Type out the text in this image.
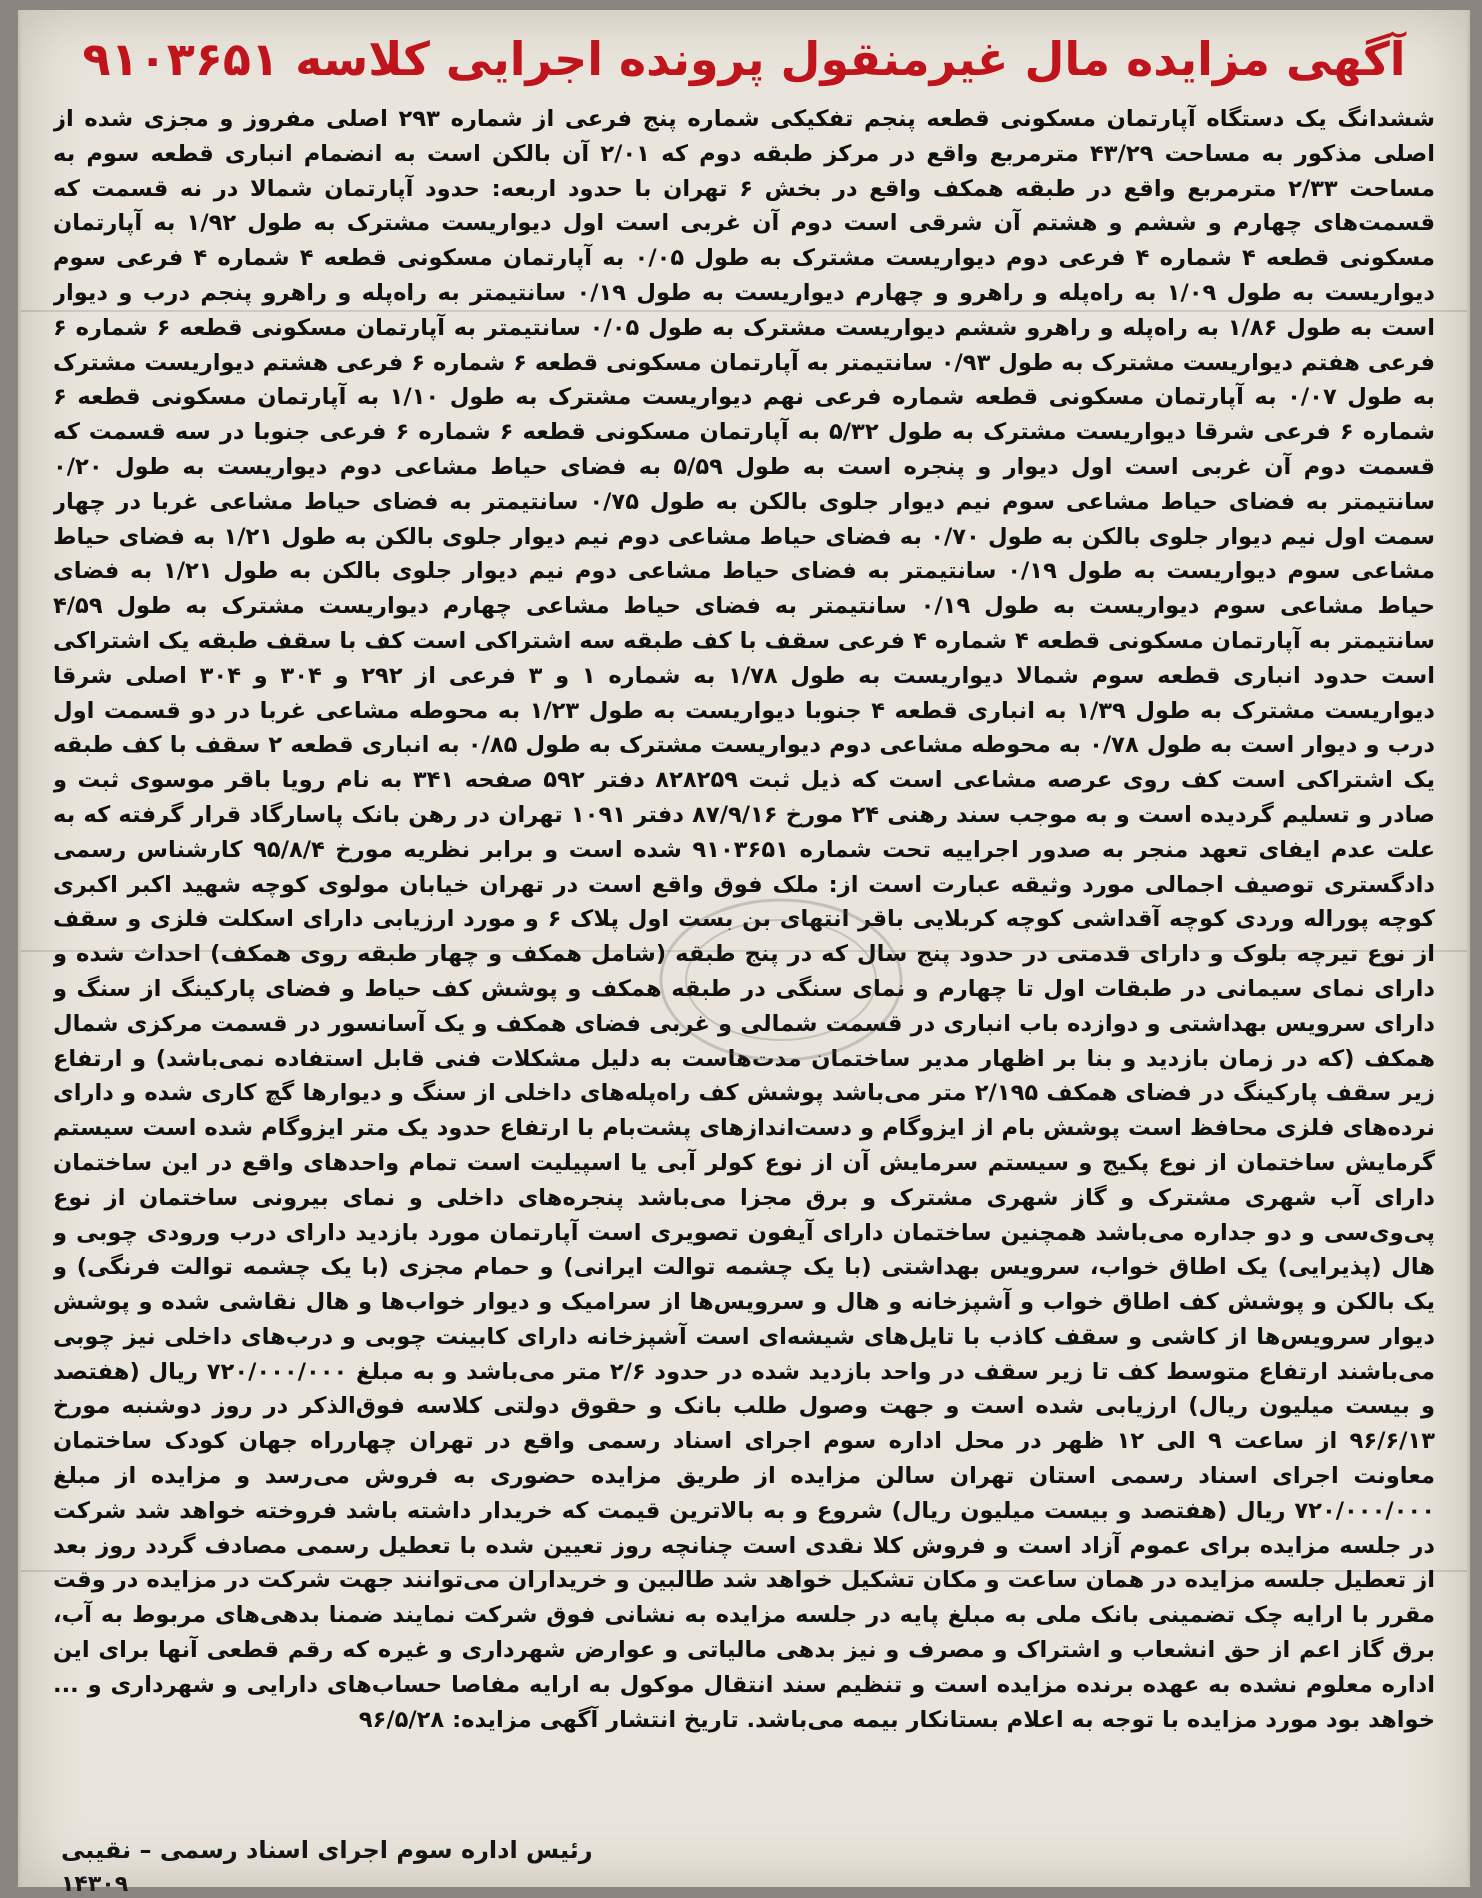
آگهی مزایده مال غیرمنقول پرونده اجرایی کلاسه ۹۱۰۳۶۵۱
ششدانگ یک دستگاه آپارتمان مسکونی قطعه پنجم تفکیکی شماره پنج فرعی از شماره ۲۹۳ اصلی مفروز و مجزی شده از اصلی مذکور به مساحت ۴۳/۲۹ مترمربع واقع در مرکز طبقه دوم که ۲/۰۱ آن بالکن است به انضمام انباری قطعه سوم به مساحت ۲/۳۳ مترمربع واقع در طبقه همکف واقع در بخش ۶ تهران با حدود اربعه: حدود آپارتمان شمالا در نه قسمت که قسمت‌های چهارم و ششم و هشتم آن شرقی است دوم آن غربی است اول دیواریست مشترک به طول ۱/۹۲ به آپارتمان مسکونی قطعه ۴ شماره ۴ فرعی دوم دیواریست مشترک به طول ۰/۰۵ به آپارتمان مسکونی قطعه ۴ شماره ۴ فرعی سوم دیواریست به طول ۱/۰۹ به راه‌پله و راهرو و چهارم دیواریست به طول ۰/۱۹ سانتیمتر به راه‌پله و راهرو پنجم درب و دیوار است به طول ۱/۸۶ به راه‌پله و راهرو ششم دیواریست مشترک به طول ۰/۰۵ سانتیمتر به آپارتمان مسکونی قطعه ۶ شماره ۶ فرعی هفتم دیواریست مشترک به طول ۰/۹۳ سانتیمتر به آپارتمان مسکونی قطعه ۶ شماره ۶ فرعی هشتم دیواریست مشترک به طول ۰/۰۷ به آپارتمان مسکونی قطعه شماره فرعی نهم دیواریست مشترک به طول ۱/۱۰ به آپارتمان مسکونی قطعه ۶ شماره ۶ فرعی شرقا دیواریست مشترک به طول ۵/۳۲ به آپارتمان مسکونی قطعه ۶ شماره ۶ فرعی جنوبا در سه قسمت که قسمت دوم آن غربی است اول دیوار و پنجره است به طول ۵/۵۹ به فضای حیاط مشاعی دوم دیواریست به طول ۰/۲۰ سانتیمتر به فضای حیاط مشاعی سوم نیم دیوار جلوی بالکن به طول ۰/۷۵ سانتیمتر به فضای حیاط مشاعی غربا در چهار سمت اول نیم دیوار جلوی بالکن به طول ۰/۷۰ به فضای حیاط مشاعی دوم نیم دیوار جلوی بالکن به طول ۱/۲۱ به فضای حیاط مشاعی سوم دیواریست به طول ۰/۱۹ سانتیمتر به فضای حیاط مشاعی دوم نیم دیوار جلوی بالکن به طول ۱/۲۱ به فضای حیاط مشاعی سوم دیواریست به طول ۰/۱۹ سانتیمتر به فضای حیاط مشاعی چهارم دیواریست مشترک به طول ۴/۵۹ سانتیمتر به آپارتمان مسکونی قطعه ۴ شماره ۴ فرعی سقف با کف طبقه سه اشتراکی است کف با سقف طبقه یک اشتراکی است حدود انباری قطعه سوم شمالا دیواریست به طول ۱/۷۸ به شماره ۱ و ۳ فرعی از ۲۹۲ و ۳۰۴ و ۳۰۴ اصلی شرقا دیواریست مشترک به طول ۱/۳۹ به انباری قطعه ۴ جنوبا دیواریست به طول ۱/۲۳ به محوطه مشاعی غربا در دو قسمت اول درب و دیوار است به طول ۰/۷۸ به محوطه مشاعی دوم دیواریست مشترک به طول ۰/۸۵ به انباری قطعه ۲ سقف با کف طبقه یک اشتراکی است کف روی عرصه مشاعی است که ذیل ثبت ۸۲۸۲۵۹ دفتر ۵۹۲ صفحه ۳۴۱ به نام رویا باقر موسوی ثبت و صادر و تسلیم گردیده است و به موجب سند رهنی ۲۴ مورخ ۸۷/۹/۱۶ دفتر ۱۰۹۱ تهران در رهن بانک پاسارگاد قرار گرفته که به علت عدم ایفای تعهد منجر به صدور اجراییه تحت شماره ۹۱۰۳۶۵۱ شده است و برابر نظریه مورخ ۹۵/۸/۴ کارشناس رسمی دادگستری توصیف اجمالی مورد وثیقه عبارت است از: ملک فوق واقع است در تهران خیابان مولوی کوچه شهید اکبر اکبری کوچه پوراله وردی کوچه آقداشی کوچه کربلایی باقر انتهای بن بست اول پلاک ۶ و مورد ارزیابی دارای اسکلت فلزی و سقف از نوع تیرچه بلوک و دارای قدمتی در حدود پنج سال که در پنج طبقه (شامل همکف و چهار طبقه روی همکف) احداث شده و دارای نمای سیمانی در طبقات اول تا چهارم و نمای سنگی در طبقه همکف و پوشش کف حیاط و فضای پارکینگ از سنگ و دارای سرویس بهداشتی و دوازده باب انباری در قسمت شمالی و غربی فضای همکف و یک آسانسور در قسمت مرکزی شمال همکف (که در زمان بازدید و بنا بر اظهار مدیر ساختمان مدت‌هاست به دلیل مشکلات فنی قابل استفاده نمی‌باشد) و ارتفاع زیر سقف پارکینگ در فضای همکف ۲/۱۹۵ متر می‌باشد پوشش کف راه‌پله‌های داخلی از سنگ و دیوارها گچ کاری شده و دارای نرده‌های فلزی محافظ است پوشش بام از ایزوگام و دست‌اندازهای پشت‌بام با ارتفاع حدود یک متر ایزوگام شده است سیستم گرمایش ساختمان از نوع پکیج و سیستم سرمایش آن از نوع کولر آبی یا اسپیلیت است تمام واحدهای واقع در این ساختمان دارای آب شهری مشترک و گاز شهری مشترک و برق مجزا می‌باشد پنجره‌های داخلی و نمای بیرونی ساختمان از نوع پی‌وی‌سی و دو جداره می‌باشد همچنین ساختمان دارای آیفون تصویری است آپارتمان مورد بازدید دارای درب ورودی چوبی و هال (پذیرایی) یک اطاق خواب، سرویس بهداشتی (با یک چشمه توالت ایرانی) و حمام مجزی (با یک چشمه توالت فرنگی) و یک بالکن و پوشش کف اطاق خواب و آشپزخانه و هال و سرویس‌ها از سرامیک و دیوار خواب‌ها و هال نقاشی شده و پوشش دیوار سرویس‌ها از کاشی و سقف کاذب با تایل‌های شیشه‌ای است آشپزخانه دارای کابینت چوبی و درب‌های داخلی نیز چوبی می‌باشند ارتفاع متوسط کف تا زیر سقف در واحد بازدید شده در حدود ۲/۶ متر می‌باشد و به مبلغ ۷۲۰/۰۰۰/۰۰۰ ریال (هفتصد و بیست میلیون ریال) ارزیابی شده است و جهت وصول طلب بانک و حقوق دولتی کلاسه فوق‌الذکر در روز دوشنبه مورخ ۹۶/۶/۱۳ از ساعت ۹ الی ۱۲ ظهر در محل اداره سوم اجرای اسناد رسمی واقع در تهران چهارراه جهان کودک ساختمان معاونت اجرای اسناد رسمی استان تهران سالن مزایده از طریق مزایده حضوری به فروش می‌رسد و مزایده از مبلغ ۷۲۰/۰۰۰/۰۰۰ ریال (هفتصد و بیست میلیون ریال) شروع و به بالاترین قیمت که خریدار داشته باشد فروخته خواهد شد شرکت در جلسه مزایده برای عموم آزاد است و فروش کلا نقدی است چنانچه روز تعیین شده با تعطیل رسمی مصادف گردد روز بعد از تعطیل جلسه مزایده در همان ساعت و مکان تشکیل خواهد شد طالبین و خریداران می‌توانند جهت شرکت در مزایده در وقت مقرر با ارایه چک تضمینی بانک ملی به مبلغ پایه در جلسه مزایده به نشانی فوق شرکت نمایند ضمنا بدهی‌های مربوط به آب، برق گاز اعم از حق انشعاب و اشتراک و مصرف و نیز بدهی مالیاتی و عوارض شهرداری و غیره که رقم قطعی آنها برای این اداره معلوم نشده به عهده برنده مزایده است و تنظیم سند انتقال موکول به ارایه مفاصا حساب‌های دارایی و شهرداری و ... خواهد بود مورد مزایده با توجه به اعلام بستانکار بیمه می‌باشد. تاریخ انتشار آگهی مزایده: ۹۶/۵/۲۸
رئیس اداره سوم اجرای اسناد رسمی – نقیبی
۱۴۳۰۹
